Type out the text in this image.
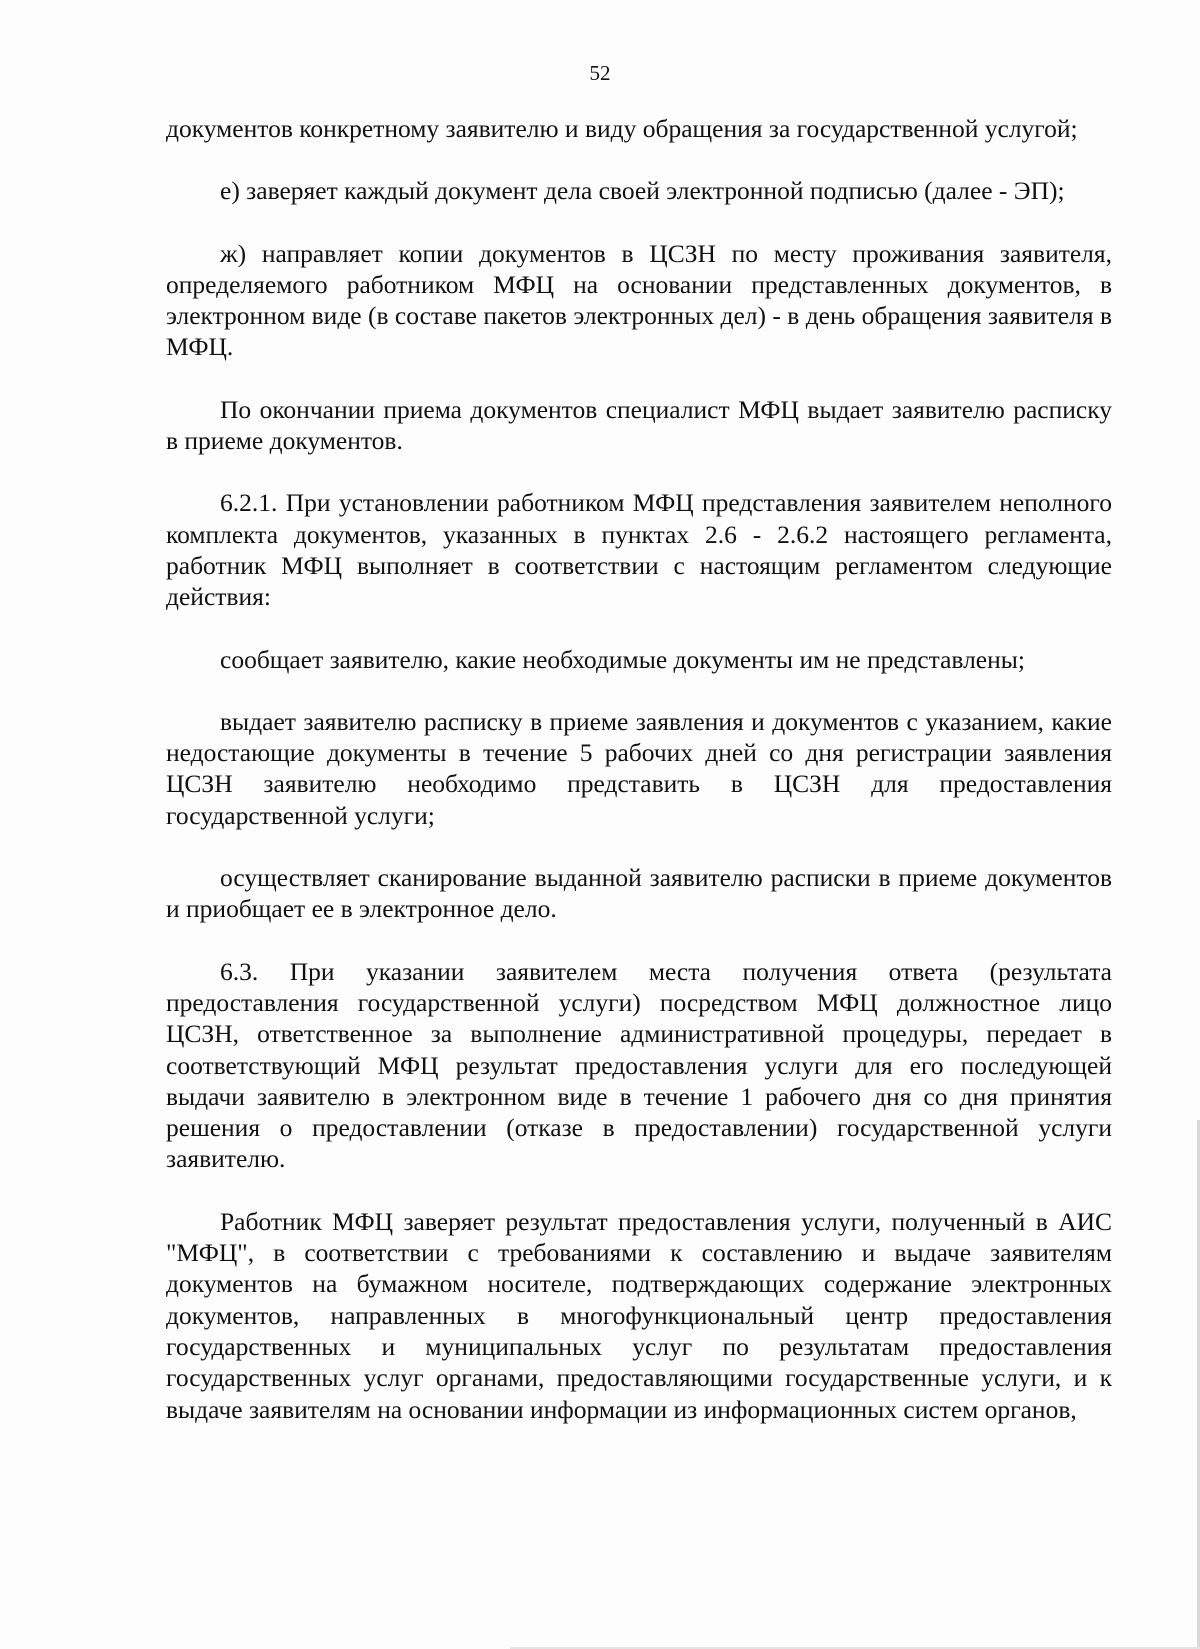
52

документов конкретному заявителю и виду обращения за государственной услугой;

е) заверяет каждый документ дела своей электронной подписью (далее - ЭП);

ж) направляет копии документов в ЦСЗН по месту проживания заявителя, определяемого работником МФЦ на основании представленных документов, в электронном виде (в составе пакетов электронных дел) - в день обращения заявителя в МФЦ.

По окончании приема документов специалист МФЦ выдает заявителю расписку в приеме документов.

6.2.1. При установлении работником МФЦ представления заявителем неполного комплекта документов, указанных в пунктах 2.6 - 2.6.2 настоящего регламента, работник МФЦ выполняет в соответствии с настоящим регламентом следующие действия:

сообщает заявителю, какие необходимые документы им не представлены;

выдает заявителю расписку в приеме заявления и документов с указанием, какие недостающие документы в течение 5 рабочих дней со дня регистрации заявления ЦСЗН заявителю необходимо представить в ЦСЗН для предоставления государственной услуги;

осуществляет сканирование выданной заявителю расписки в приеме документов и приобщает ее в электронное дело.

6.3. При указании заявителем места получения ответа (результата предоставления государственной услуги) посредством МФЦ должностное лицо ЦСЗН, ответственное за выполнение административной процедуры, передает в соответствующий МФЦ результат предоставления услуги для его последующей выдачи заявителю в электронном виде в течение 1 рабочего дня со дня принятия решения о предоставлении (отказе в предоставлении) государственной услуги заявителю.

Работник МФЦ заверяет результат предоставления услуги, полученный в АИС "МФЦ", в соответствии с требованиями к составлению и выдаче заявителям документов на бумажном носителе, подтверждающих содержание электронных документов, направленных в многофункциональный центр предоставления государственных и муниципальных услуг по результатам предоставления государственных услуг органами, предоставляющими государственные услуги, и к выдаче заявителям на основании информации из информационных систем органов,
